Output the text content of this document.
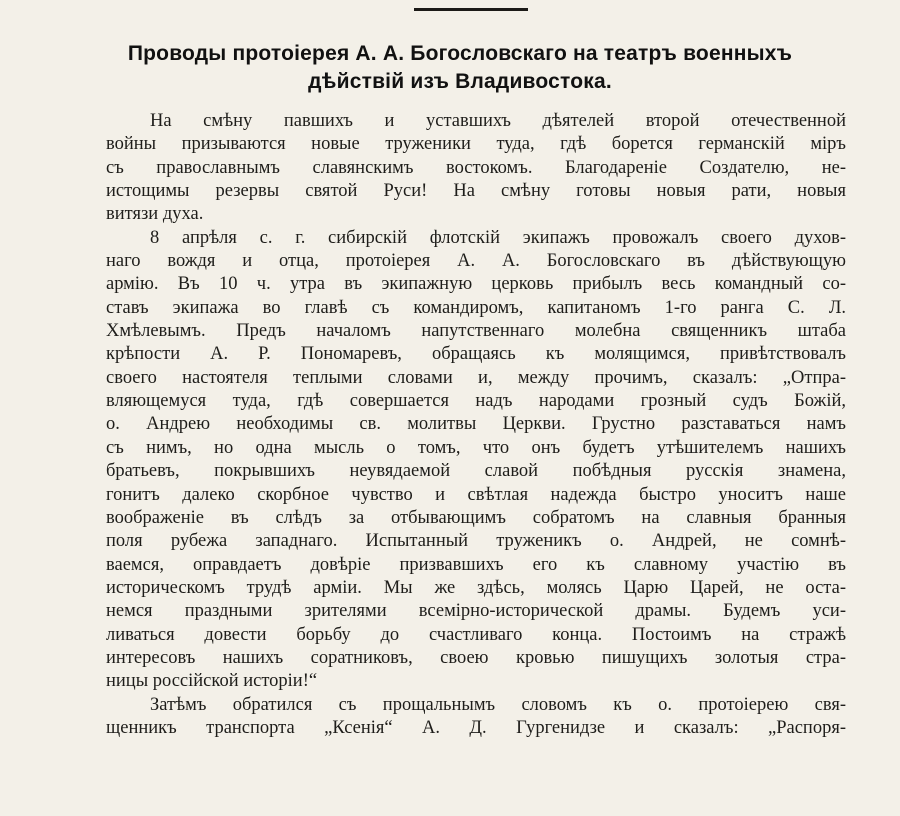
Проводы протоіерея А. А. Богословскаго на театръ военныхъ
дѣйствій изъ Владивостока.
На смѣну павшихъ и уставшихъ дѣятелей второй отечественной
войны призываются новые труженики туда, гдѣ борется германскій міръ
съ православнымъ славянскимъ востокомъ. Благодареніе Создателю, не-
истощимы резервы святой Руси! На смѣну готовы новыя рати, новыя
витязи духа.
8 апрѣля с. г. сибирскій флотскій экипажъ провожалъ своего духов-
наго вождя и отца, протоіерея А. А. Богословскаго въ дѣйствующую
армію. Въ 10 ч. утра въ экипажную церковь прибылъ весь командный со-
ставъ экипажа во главѣ съ командиромъ, капитаномъ 1-го ранга С. Л.
Хмѣлевымъ. Предъ началомъ напутственнаго молебна священникъ штаба
крѣпости А. Р. Пономаревъ, обращаясь къ молящимся, привѣтствовалъ
своего настоятеля теплыми словами и, между прочимъ, сказалъ: „Отпра-
вляющемуся туда, гдѣ совершается надъ народами грозный судъ Божій,
о. Андрею необходимы св. молитвы Церкви. Грустно разставаться намъ
съ нимъ, но одна мысль о томъ, что онъ будетъ утѣшителемъ нашихъ
братьевъ, покрывшихъ неувядаемой славой побѣдныя русскія знамена,
гонитъ далеко скорбное чувство и свѣтлая надежда быстро уноситъ наше
воображеніе въ слѣдъ за отбывающимъ собратомъ на славныя бранныя
поля рубежа западнаго. Испытанный труженикъ о. Андрей, не сомнѣ-
ваемся, оправдаетъ довѣріе призвавшихъ его къ славному участію въ
историческомъ трудѣ арміи. Мы же здѣсь, молясь Царю Царей, не оста-
немся праздными зрителями всемірно-исторической драмы. Будемъ уси-
ливаться довести борьбу до счастливаго конца. Постоимъ на стражѣ
интересовъ нашихъ соратниковъ, своею кровью пишущихъ золотыя стра-
ницы россійской исторіи!“
Затѣмъ обратился съ прощальнымъ словомъ къ о. протоіерею свя-
щенникъ транспорта „Ксенія“ А. Д. Гургенидзе и сказалъ: „Распоря-
